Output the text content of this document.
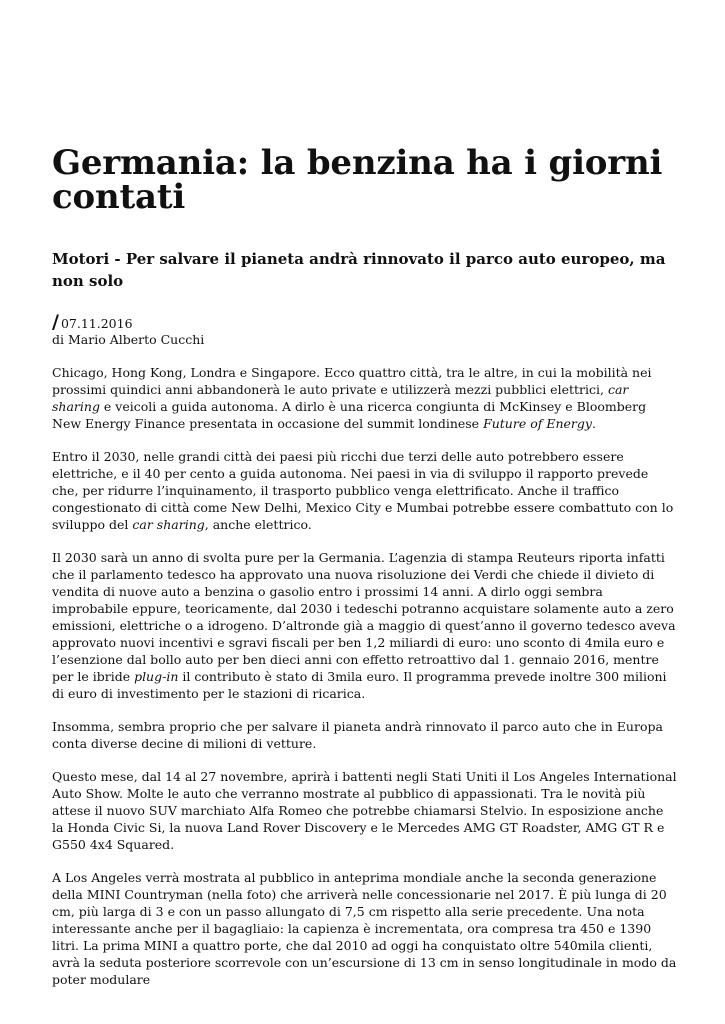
Germania: la benzina ha i giorni contati
Motori - Per salvare il pianeta andrà rinnovato il parco auto europeo, ma non solo
/ 07.11.2016
di Mario Alberto Cucchi

Chicago, Hong Kong, Londra e Singapore. Ecco quattro città, tra le altre, in cui la mobilità nei prossimi quindici anni abbandonerà le auto private e utilizzerà mezzi pubblici elettrici, car sharing e veicoli a guida autonoma. A dirlo è una ricerca congiunta di McKinsey e Bloomberg New Energy Finance presentata in occasione del summit londinese Future of Energy.

Entro il 2030, nelle grandi città dei paesi più ricchi due terzi delle auto potrebbero essere elettriche, e il 40 per cento a guida autonoma. Nei paesi in via di sviluppo il rapporto prevede che, per ridurre l’inquinamento, il trasporto pubblico venga elettrificato. Anche il traffico congestionato di città come New Delhi, Mexico City e Mumbai potrebbe essere combattuto con lo sviluppo del car sharing, anche elettrico.

Il 2030 sarà un anno di svolta pure per la Germania. L’agenzia di stampa Reuteurs riporta infatti che il parlamento tedesco ha approvato una nuova risoluzione dei Verdi che chiede il divieto di vendita di nuove auto a benzina o gasolio entro i prossimi 14 anni. A dirlo oggi sembra improbabile eppure, teoricamente, dal 2030 i tedeschi potranno acquistare solamente auto a zero emissioni, elettriche o a idrogeno. D’altronde già a maggio di quest’anno il governo tedesco aveva approvato nuovi incentivi e sgravi fiscali per ben 1,2 miliardi di euro: uno sconto di 4mila euro e l’esenzione dal bollo auto per ben dieci anni con effetto retroattivo dal 1. gennaio 2016, mentre per le ibride plug-in il contributo è stato di 3mila euro. Il programma prevede inoltre 300 milioni di euro di investimento per le stazioni di ricarica.

Insomma, sembra proprio che per salvare il pianeta andrà rinnovato il parco auto che in Europa conta diverse decine di milioni di vetture.

Questo mese, dal 14 al 27 novembre, aprirà i battenti negli Stati Uniti il Los Angeles International Auto Show. Molte le auto che verranno mostrate al pubblico di appassionati. Tra le novità più attese il nuovo SUV marchiato Alfa Romeo che potrebbe chiamarsi Stelvio. In esposizione anche la Honda Civic Si, la nuova Land Rover Discovery e le Mercedes AMG GT Roadster, AMG GT R e G550 4x4 Squared.

A Los Angeles verrà mostrata al pubblico in anteprima mondiale anche la seconda generazione della MINI Countryman (nella foto) che arriverà nelle concessionarie nel 2017. È più lunga di 20 cm, più larga di 3 e con un passo allungato di 7,5 cm rispetto alla serie precedente. Una nota interessante anche per il bagagliaio: la capienza è incrementata, ora compresa tra 450 e 1390 litri. La prima MINI a quattro porte, che dal 2010 ad oggi ha conquistato oltre 540mila clienti, avrà la seduta posteriore scorrevole con un’escursione di 13 cm in senso longitudinale in modo da poter modulare
